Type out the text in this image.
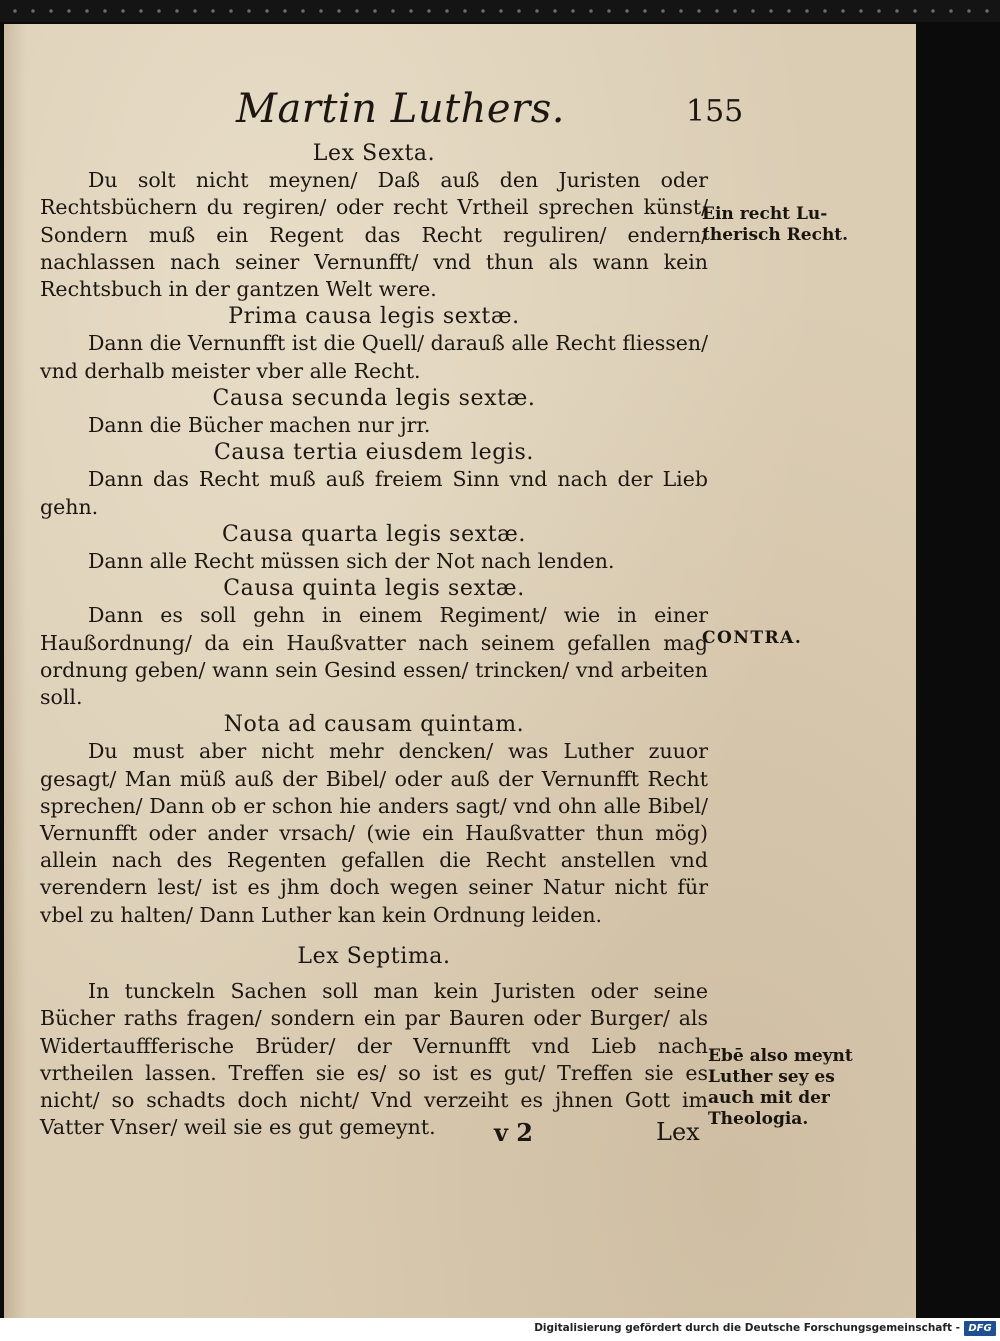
Martin Luthers.	155

Lex Sexta.

Du solt nicht meynen/ Daß auß den Juristen oder Rechtsbüchern du regiren/ oder recht Vrtheil sprechen künst/ Sondern muß ein Regent das Recht reguliren/ endern/ nachlassen nach seiner Vernunfft/ vnd thun als wann kein Rechtsbuch in der gantzen Welt were.

Prima causa legis sextæ.

Dann die Vernunfft ist die Quell/ darauß alle Recht fliessen/ vnd derhalb meister vber alle Recht.

Causa secunda legis sextæ.

Dann die Bücher machen nur jrr.

Causa tertia eiusdem legis.

Dann das Recht muß auß freiem Sinn vnd nach der Lieb gehn.

Causa quarta legis sextæ.

Dann alle Recht müssen sich der Not nach lenden.

Causa quinta legis sextæ.

Dann es soll gehn in einem Regiment/ wie in einer Haußordnung/ da ein Haußvatter nach seinem gefallen mag ordnung geben/ wann sein Gesind essen/ trincken/ vnd arbeiten soll.

Nota ad causam quintam.

Du must aber nicht mehr dencken/ was Luther zuuor gesagt/ Man müß auß der Bibel/ oder auß der Vernunfft Recht sprechen/ Dann ob er schon hie anders sagt/ vnd ohn alle Bibel/ Vernunfft oder ander vrsach/ (wie ein Haußvatter thun mög) allein nach des Regenten gefallen die Recht anstellen vnd verendern lest/ ist es jhm doch wegen seiner Natur nicht für vbel zu halten/ Dann Luther kan kein Ordnung leiden.

Lex Septima.

In tunckeln Sachen soll man kein Juristen oder seine Bücher raths fragen/ sondern ein par Bauren oder Burger/ als Widertauffferische Brüder/ der Vernunfft vnd Lieb nach vrtheilen lassen. Treffen sie es/ so ist es gut/ Treffen sie es nicht/ so schadts doch nicht/ Vnd verzeiht es jhnen Gott im Vatter Vnser/ weil sie es gut gemeynt.

Ein recht Lu-
therisch Recht.
CONTRA.
Ebē also meynt
Luther sey es
auch mit der
Theologia.
v 2	Lex
Digitalisierung gefördert durch die Deutsche Forschungsgemeinschaft - DFG
